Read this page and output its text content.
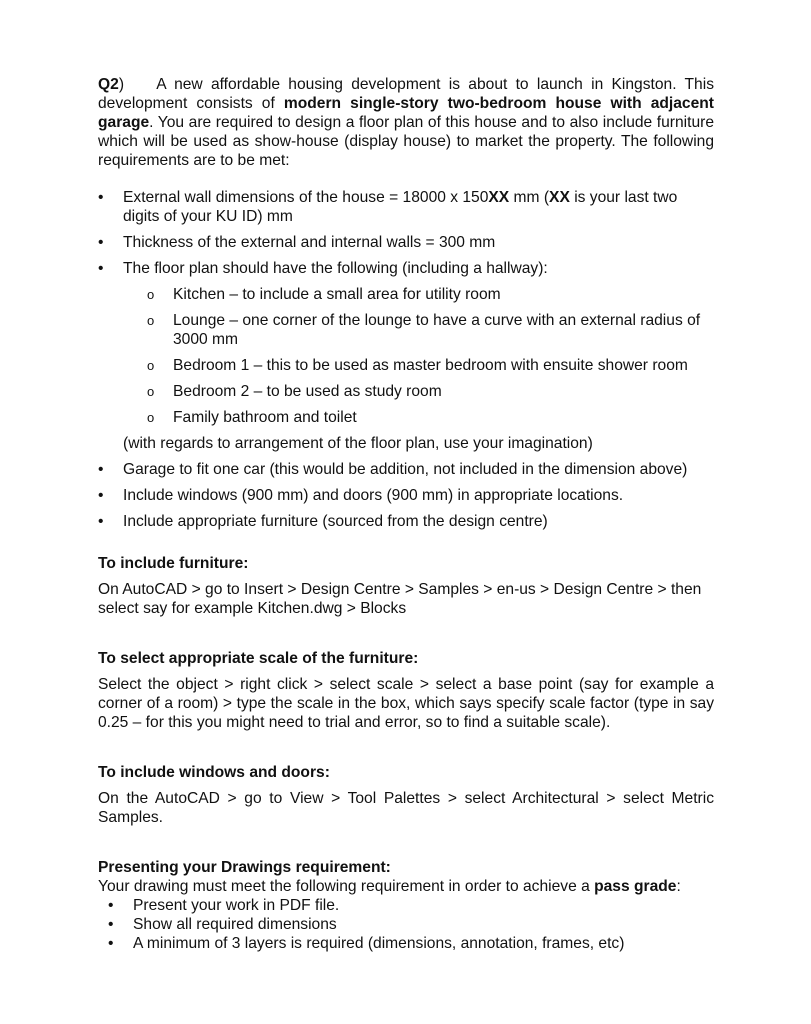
Q2) A new affordable housing development is about to launch in Kingston. This development consists of modern single-story two-bedroom house with adjacent garage. You are required to design a floor plan of this house and to also include furniture which will be used as show-house (display house) to market the property. The following requirements are to be met:

• External wall dimensions of the house = 18000 x 150XX mm (XX is your last two digits of your KU ID) mm
• Thickness of the external and internal walls = 300 mm
• The floor plan should have the following (including a hallway):
o Kitchen – to include a small area for utility room
o Lounge – one corner of the lounge to have a curve with an external radius of 3000 mm
o Bedroom 1 – this to be used as master bedroom with ensuite shower room
o Bedroom 2 – to be used as study room
o Family bathroom and toilet

(with regards to arrangement of the floor plan, use your imagination)

• Garage to fit one car (this would be addition, not included in the dimension above)
• Include windows (900 mm) and doors (900 mm) in appropriate locations.
• Include appropriate furniture (sourced from the design centre)
To include furniture:

On AutoCAD > go to Insert > Design Centre > Samples > en-us > Design Centre > then select say for example Kitchen.dwg > Blocks

To select appropriate scale of the furniture:

Select the object > right click > select scale > select a base point (say for example a corner of a room) > type the scale in the box, which says specify scale factor (type in say 0.25 – for this you might need to trial and error, so to find a suitable scale).

To include windows and doors:

On the AutoCAD > go to View > Tool Palettes > select Architectural > select Metric Samples.

Presenting your Drawings requirement:

Your drawing must meet the following requirement in order to achieve a pass grade:

• Present your work in PDF file.
• Show all required dimensions
• A minimum of 3 layers is required (dimensions, annotation, frames, etc)
